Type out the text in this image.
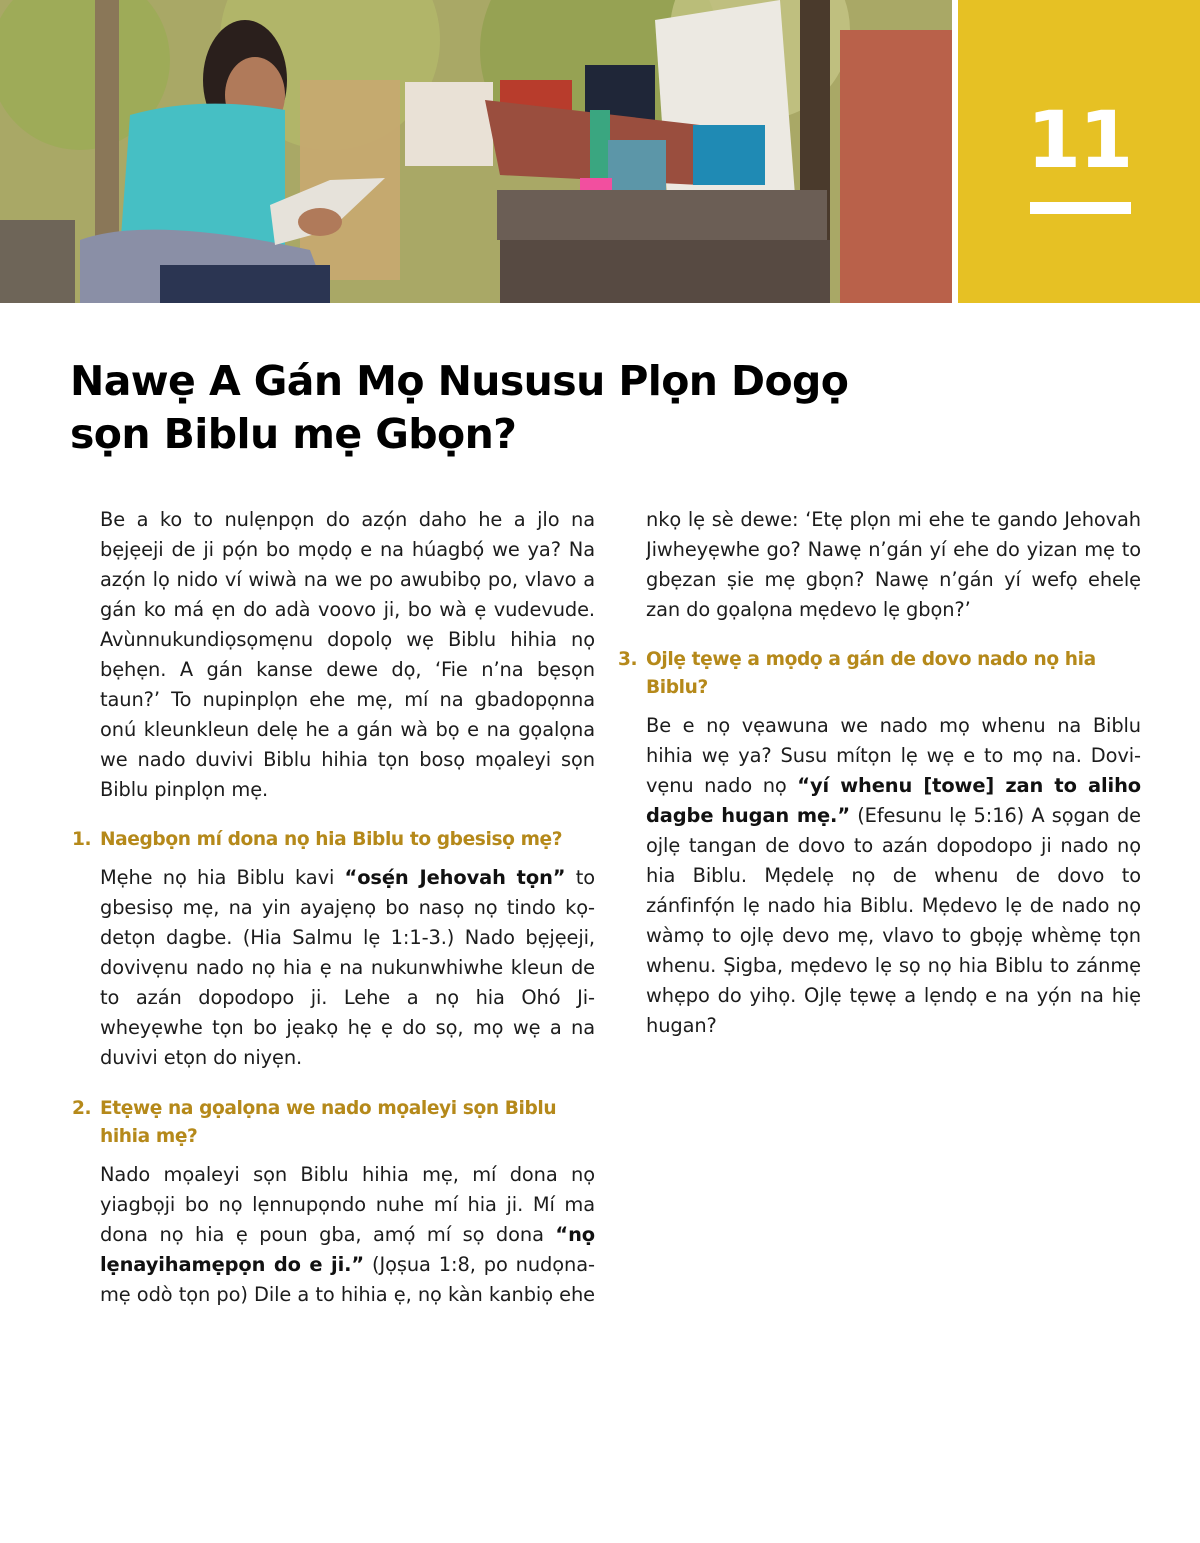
11
Nawẹ A Gán Mọ Nususu Plọn Dogọ
sọn Biblu mẹ Gbọn?

Be a ko to nulẹnpọn do azọ́n daho he a jlo na bẹjẹeji de ji pọ́n bo mọdọ e na húagbọ́ we ya? Na azọ́n lọ nido ví wiwà na we po awubibọ po, vlavo a gán ko má ẹn do adà voovo ji, bo wà ẹ vudevude. Avùnnukundiọsọmẹnu dopolọ wẹ Biblu hihia nọ bẹhẹn. A gán kanse dewe dọ, ‘Fie n’na bẹsọn taun?’ To nupinplọn ehe mẹ, mí na gbadopọnna onú kleunkleun delẹ he a gán wà bọ e na gọalọna we nado duvivi Biblu hihia tọn bosọ mọaleyi sọn Biblu pinplọn mẹ.

1. Naegbọn mí dona nọ hia Biblu to gbesisọ mẹ?

Mẹhe nọ hia Biblu kavi “osẹ́n Jehovah tọn” to gbesisọ mẹ, na yin ayajẹnọ bo nasọ nọ tindo kọdetọn dagbe. (Hia Salmu lẹ 1:1-3.) Nado bẹjẹeji, dovivẹnu nado nọ hia ẹ na nukunwhiwhe kleun de to azán dopodopo ji. Lehe a nọ hia Ohó Jiwheyẹwhe tọn bo jẹakọ hẹ ẹ do sọ, mọ wẹ a na duvivi etọn do niyẹn.

2. Etẹwẹ na gọalọna we nado mọaleyi sọn Biblu hihia mẹ?

Nado mọaleyi sọn Biblu hihia mẹ, mí dona nọ yiagbọji bo nọ lẹnnupọndo nuhe mí hia ji. Mí ma dona nọ hia ẹ poun gba, amọ́ mí sọ dona “nọ lẹnayihamẹpọn do e ji.” (Jọṣua 1:8, po nudọnamẹ odò tọn po) Dile a to hihia ẹ, nọ kàn kanbiọ ehe

nkọ lẹ sè dewe: ‘Etẹ plọn mi ehe te gando Jehovah Jiwheyẹwhe go? Nawẹ n’gán yí ehe do yizan mẹ to gbẹzan ṣie mẹ gbọn? Nawẹ n’gán yí wefọ ehelẹ zan do gọalọna mẹdevo lẹ gbọn?’

3. Ojlẹ tẹwẹ a mọdọ a gán de dovo nado nọ hia Biblu?

Be e nọ vẹawuna we nado mọ whenu na Biblu hihia wẹ ya? Susu mítọn lẹ wẹ e to mọ na. Dovivẹnu nado nọ “yí whenu [towe] zan to aliho dagbe hugan mẹ.” (Efesunu lẹ 5:16) A sọgan de ojlẹ tangan de dovo to azán dopodopo ji nado nọ hia Biblu. Mẹdelẹ nọ de whenu de dovo to zánfinfọ́n lẹ nado hia Biblu. Mẹdevo lẹ de nado nọ wàmọ to ojlẹ devo mẹ, vlavo to gbọjẹ whèmẹ tọn whenu. Ṣigba, mẹdevo lẹ sọ nọ hia Biblu to zánmẹ whẹpo do yihọ. Ojlẹ tẹwẹ a lẹndọ e na yọ́n na hiẹ hugan?
